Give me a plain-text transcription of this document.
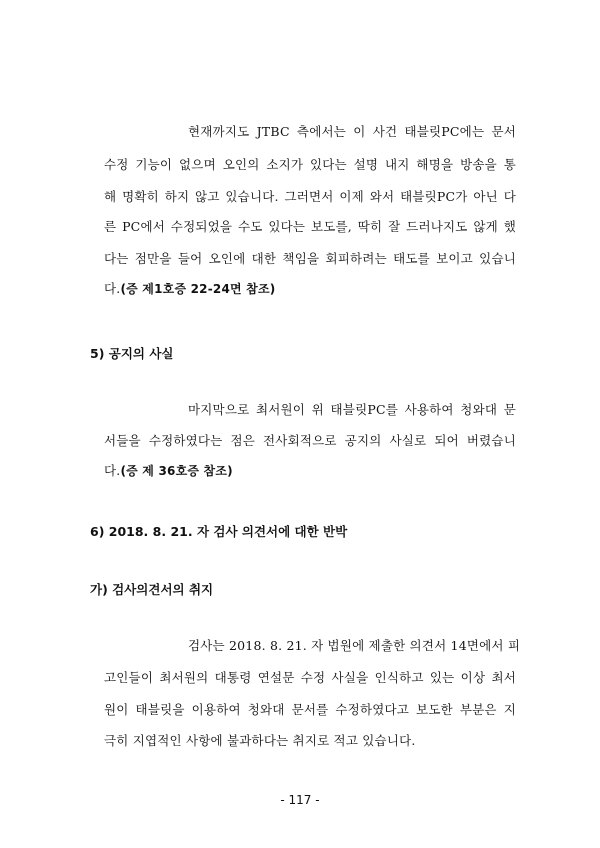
현재까지도 JTBC 측에서는 이 사건 태블릿PC에는 문서
수정 기능이 없으며 오인의 소지가 있다는 설명 내지 해명을 방송을 통
해 명확히 하지 않고 있습니다. 그러면서 이제 와서 태블릿PC가 아닌 다
른 PC에서 수정되었을 수도 있다는 보도를, 딱히 잘 드러나지도 않게 했
다는 점만을 들어 오인에 대한 책임을 회피하려는 태도를 보이고 있습니
다.(증 제1호증 22-24면 참조)
5) 공지의 사실
마지막으로 최서원이 위 태블릿PC를 사용하여 청와대 문
서들을 수정하였다는 점은 전사회적으로 공지의 사실로 되어 버렸습니
다.(증 제 36호증 참조)
6) 2018. 8. 21. 자 검사 의견서에 대한 반박
가) 검사의견서의 취지
검사는 2018. 8. 21. 자 법원에 제출한 의견서 14면에서 피
고인들이 최서원의 대통령 연설문 수정 사실을 인식하고 있는 이상 최서
원이 태블릿을 이용하여 청와대 문서를 수정하였다고 보도한 부분은 지
극히 지엽적인 사항에 불과하다는 취지로 적고 있습니다.
- 117 -
